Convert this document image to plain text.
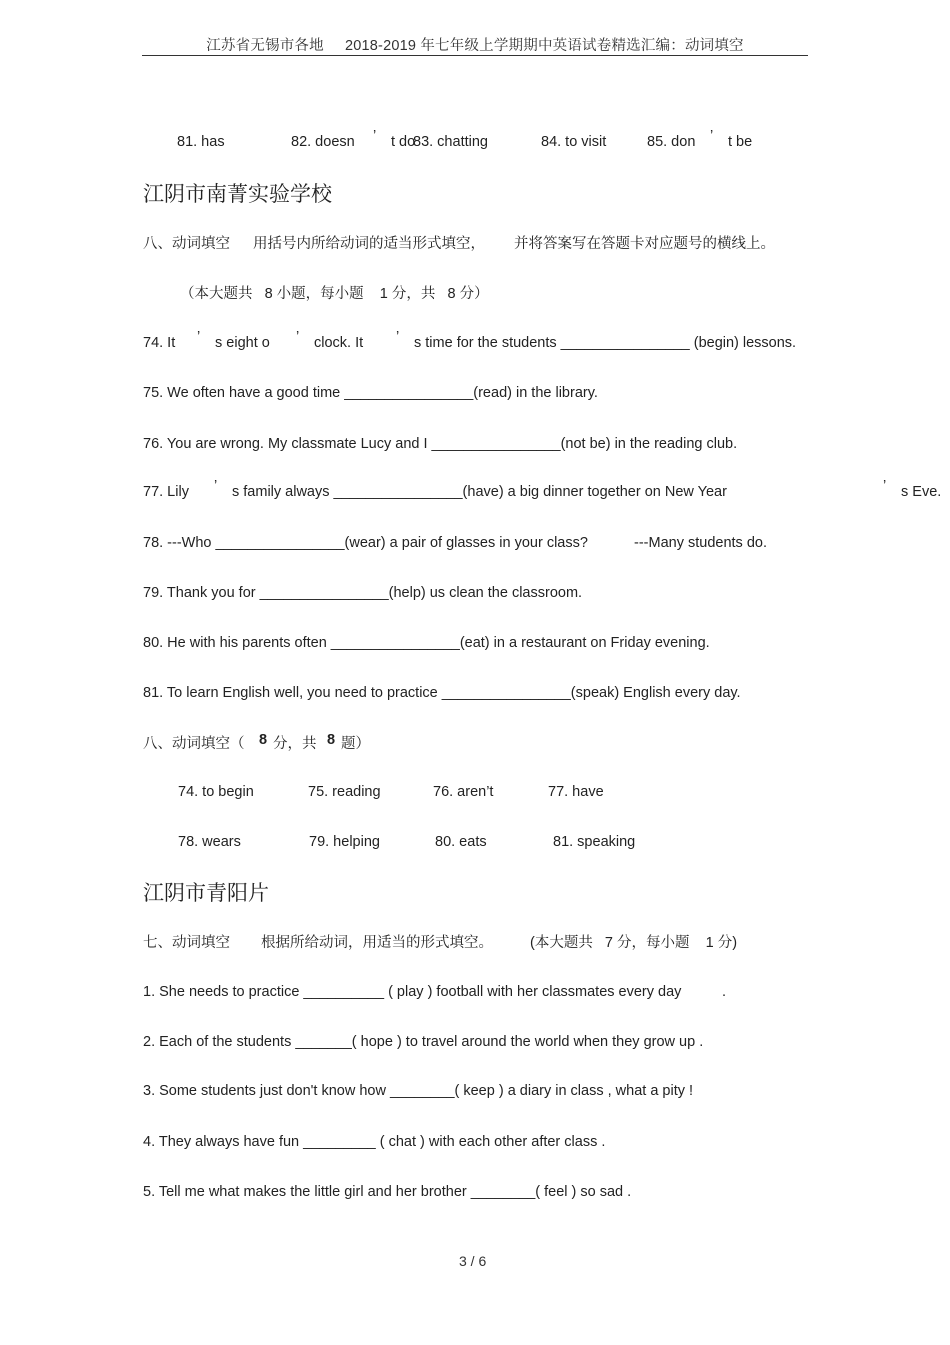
江苏省无锡市各地 2018-2019 年七年级上学期期中英语试卷精选汇编：动词填空
81. has	82. doesn ’ t do
83. chatting	84. to visit	85. don ’ t be
江阴市南菁实验学校
八、动词填空 用括号内所给动词的适当形式填空， 并将答案写在答题卡对应题号的横线上。
（本大题共   8 小题，每小题    1 分，共   8 分）
74. It ’ s eight o ’ clock. It ’ s time for the students ________________ (begin) lessons.
75. We often have a good time ________________(read) in the library.
76. You are wrong. My classmate Lucy and I ________________(not be) in the reading club.
77. Lily ’ s family always ________________(have) a big dinner together on New Year	’ s Eve.
78. ---Who ________________(wear) a pair of glasses in your class?	---Many students do.
79. Thank you for ________________(help) us clean the classroom.
80. He with his parents often ________________(eat) in a restaurant on Friday evening.
81. To learn English well, you need to practice ________________(speak) English every day.
八、动词填空（ 8 分，共 8 题）
74. to begin	75. reading	76. aren’t	77. have
78. wears	79. helping	80. eats	81. speaking
江阴市青阳片
七、动词填空 根据所给动词，用适当的形式填空。	(本大题共   7 分，每小题    1 分)
1. She needs to practice __________ ( play ) football with her classmates every day	.
2. Each of the students _______( hope ) to travel around the world when they grow up .
3. Some students just don't know how ________( keep ) a diary in class , what a pity !
4. They always have fun _________ ( chat ) with each other after class .
5. Tell me what makes the little girl and her brother ________( feel ) so sad .
3 / 6
